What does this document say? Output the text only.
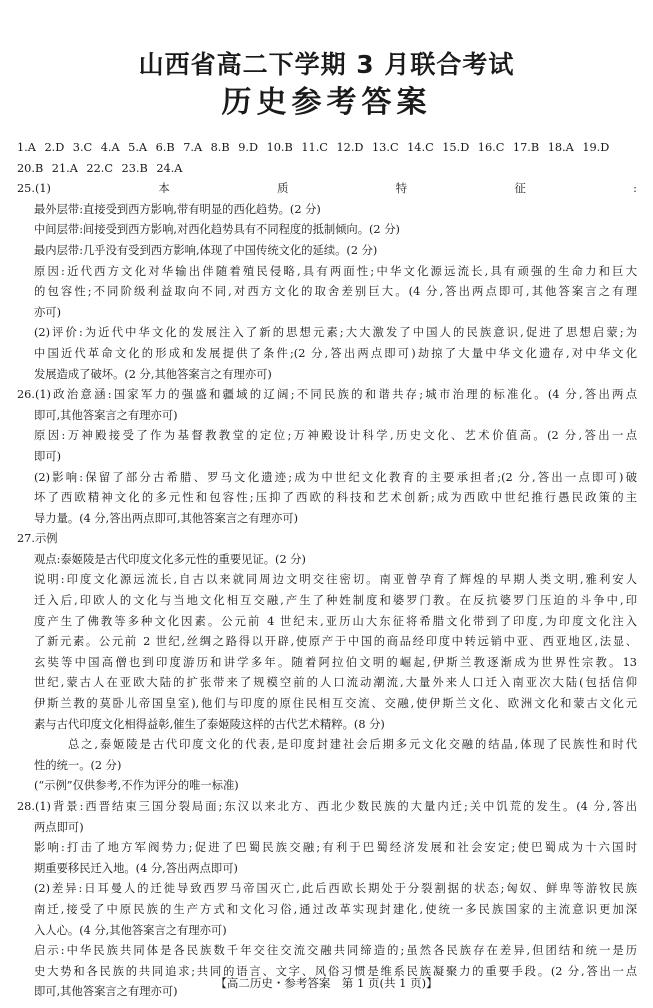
山西省高二下学期 3 月联合考试
历史参考答案
1.A 2.D 3.C 4.A 5.A 6.B 7.A 8.B 9.D 10.B 11.C 12.D 13.C 14.C 15.D 16.C 17.B 18.A 19.D
20.B 21.A 22.C 23.B 24.A
25.(1)本质特征:
最外层带:直接受到西方影响,带有明显的西化趋势。(2 分)
中间层带:间接受到西方影响,对西化趋势具有不同程度的抵制倾向。(2 分)
最内层带:几乎没有受到西方影响,体现了中国传统文化的延续。(2 分)
原因:近代西方文化对华输出伴随着殖民侵略,具有两面性;中华文化源远流长,具有顽强的生命力和巨大
的包容性;不同阶级利益取向不同,对西方文化的取舍差别巨大。(4 分,答出两点即可,其他答案言之有理
亦可)
(2)评价:为近代中华文化的发展注入了新的思想元素;大大激发了中国人的民族意识,促进了思想启蒙;为
中国近代革命文化的形成和发展提供了条件;(2 分,答出两点即可)劫掠了大量中华文化遗存,对中华文化
发展造成了破坏。(2 分,其他答案言之有理亦可)
26.(1)政治意涵:国家军力的强盛和疆域的辽阔;不同民族的和谐共存;城市治理的标准化。(4 分,答出两点
即可,其他答案言之有理亦可)
原因:万神殿接受了作为基督教教堂的定位;万神殿设计科学,历史文化、艺术价值高。(2 分,答出一点
即可)
(2)影响:保留了部分古希腊、罗马文化遗迹;成为中世纪文化教育的主要承担者;(2 分,答出一点即可)破
坏了西欧精神文化的多元性和包容性;压抑了西欧的科技和艺术创新;成为西欧中世纪推行愚民政策的主
导力量。(4 分,答出两点即可,其他答案言之有理亦可)
27.示例
观点:泰姬陵是古代印度文化多元性的重要见证。(2 分)
说明:印度文化源远流长,自古以来就同周边文明交往密切。南亚曾孕育了辉煌的早期人类文明,雅利安人
迁入后,印欧人的文化与当地文化相互交融,产生了种姓制度和婆罗门教。在反抗婆罗门压迫的斗争中,印
度产生了佛教等多种文化因素。公元前 4 世纪末,亚历山大东征将希腊文化带到了印度,为印度文化注入
了新元素。公元前 2 世纪,丝绸之路得以开辟,使原产于中国的商品经印度中转远销中亚、西亚地区,法显、
玄奘等中国高僧也到印度游历和讲学多年。随着阿拉伯文明的崛起,伊斯兰教逐渐成为世界性宗教。13
世纪,蒙古人在亚欧大陆的扩张带来了规模空前的人口流动潮流,大量外来人口迁入南亚次大陆(包括信仰
伊斯兰教的莫卧儿帝国皇室),他们与印度的原住民相互交流、交融,使伊斯兰文化、欧洲文化和蒙古文化元
素与古代印度文化相得益彰,催生了泰姬陵这样的古代艺术精粹。(8 分)
总之,泰姬陵是古代印度文化的代表,是印度封建社会后期多元文化交融的结晶,体现了民族性和时代
性的统一。(2 分)
(“示例”仅供参考,不作为评分的唯一标准)
28.(1)背景:西晋结束三国分裂局面;东汉以来北方、西北少数民族的大量内迁;关中饥荒的发生。(4 分,答出
两点即可)
影响:打击了地方军阀势力;促进了巴蜀民族交融;有利于巴蜀经济发展和社会安定;使巴蜀成为十六国时
期重要移民迁入地。(4 分,答出两点即可)
(2)差异:日耳曼人的迁徙导致西罗马帝国灭亡,此后西欧长期处于分裂割据的状态;匈奴、鲜卑等游牧民族
南迁,接受了中原民族的生产方式和文化习俗,通过改革实现封建化,使统一多民族国家的主流意识更加深
入人心。(4 分,其他答案言之有理亦可)
启示:中华民族共同体是各民族数千年交往交流交融共同缔造的;虽然各民族存在差异,但团结和统一是历
史大势和各民族的共同追求;共同的语言、文字、风俗习惯是维系民族凝聚力的重要手段。(2 分,答出一点
即可,其他答案言之有理亦可)
【高二历史・参考答案　第 1 页(共 1 页)】
